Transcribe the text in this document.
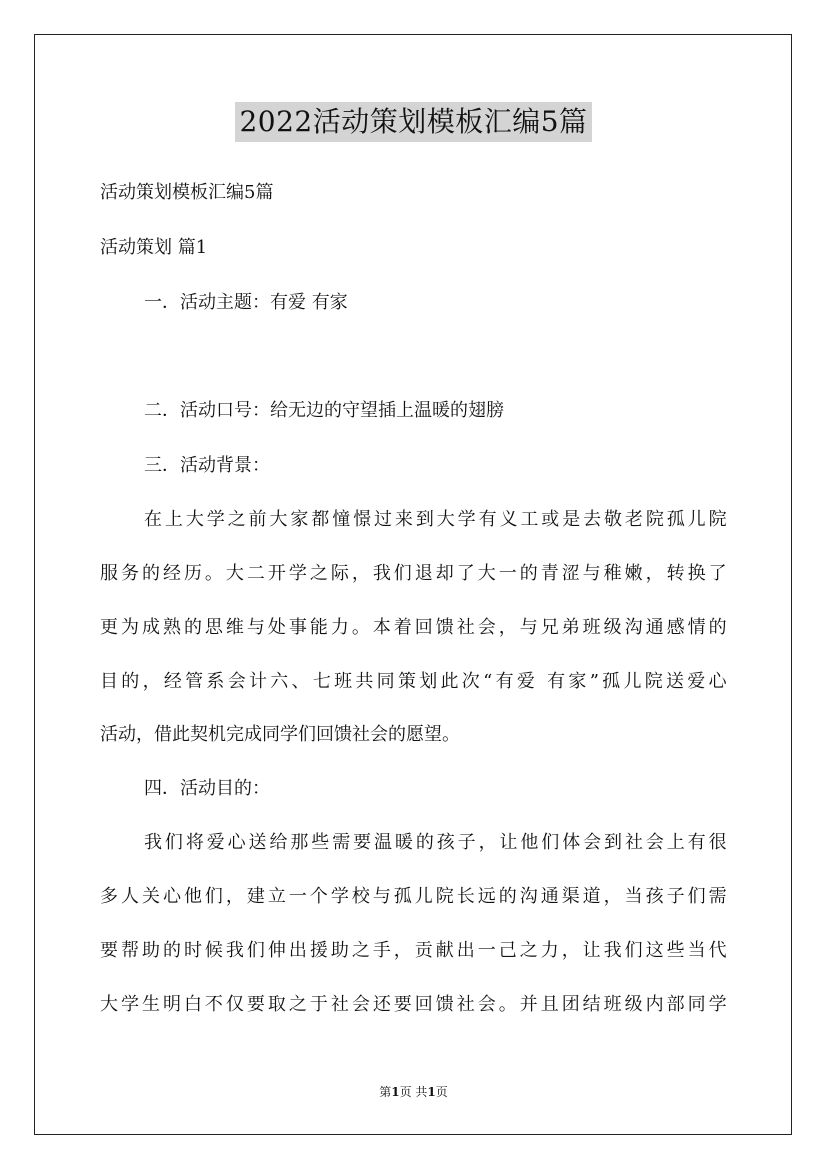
2022活动策划模板汇编5篇
活动策划模板汇编5篇
活动策划 篇1
一．活动主题：有爱 有家
二．活动口号：给无边的守望插上温暖的翅膀
三．活动背景：
在上大学之前大家都憧憬过来到大学有义工或是去敬老院孤儿院
服务的经历。大二开学之际，我们退却了大一的青涩与稚嫩，转换了
更为成熟的思维与处事能力。本着回馈社会，与兄弟班级沟通感情的
目的，经管系会计六、七班共同策划此次“有爱 有家”孤儿院送爱心
活动，借此契机完成同学们回馈社会的愿望。
四．活动目的：
我们将爱心送给那些需要温暖的孩子，让他们体会到社会上有很
多人关心他们，建立一个学校与孤儿院长远的沟通渠道，当孩子们需
要帮助的时候我们伸出援助之手，贡献出一己之力，让我们这些当代
大学生明白不仅要取之于社会还要回馈社会。并且团结班级内部同学
第1页 共1页
